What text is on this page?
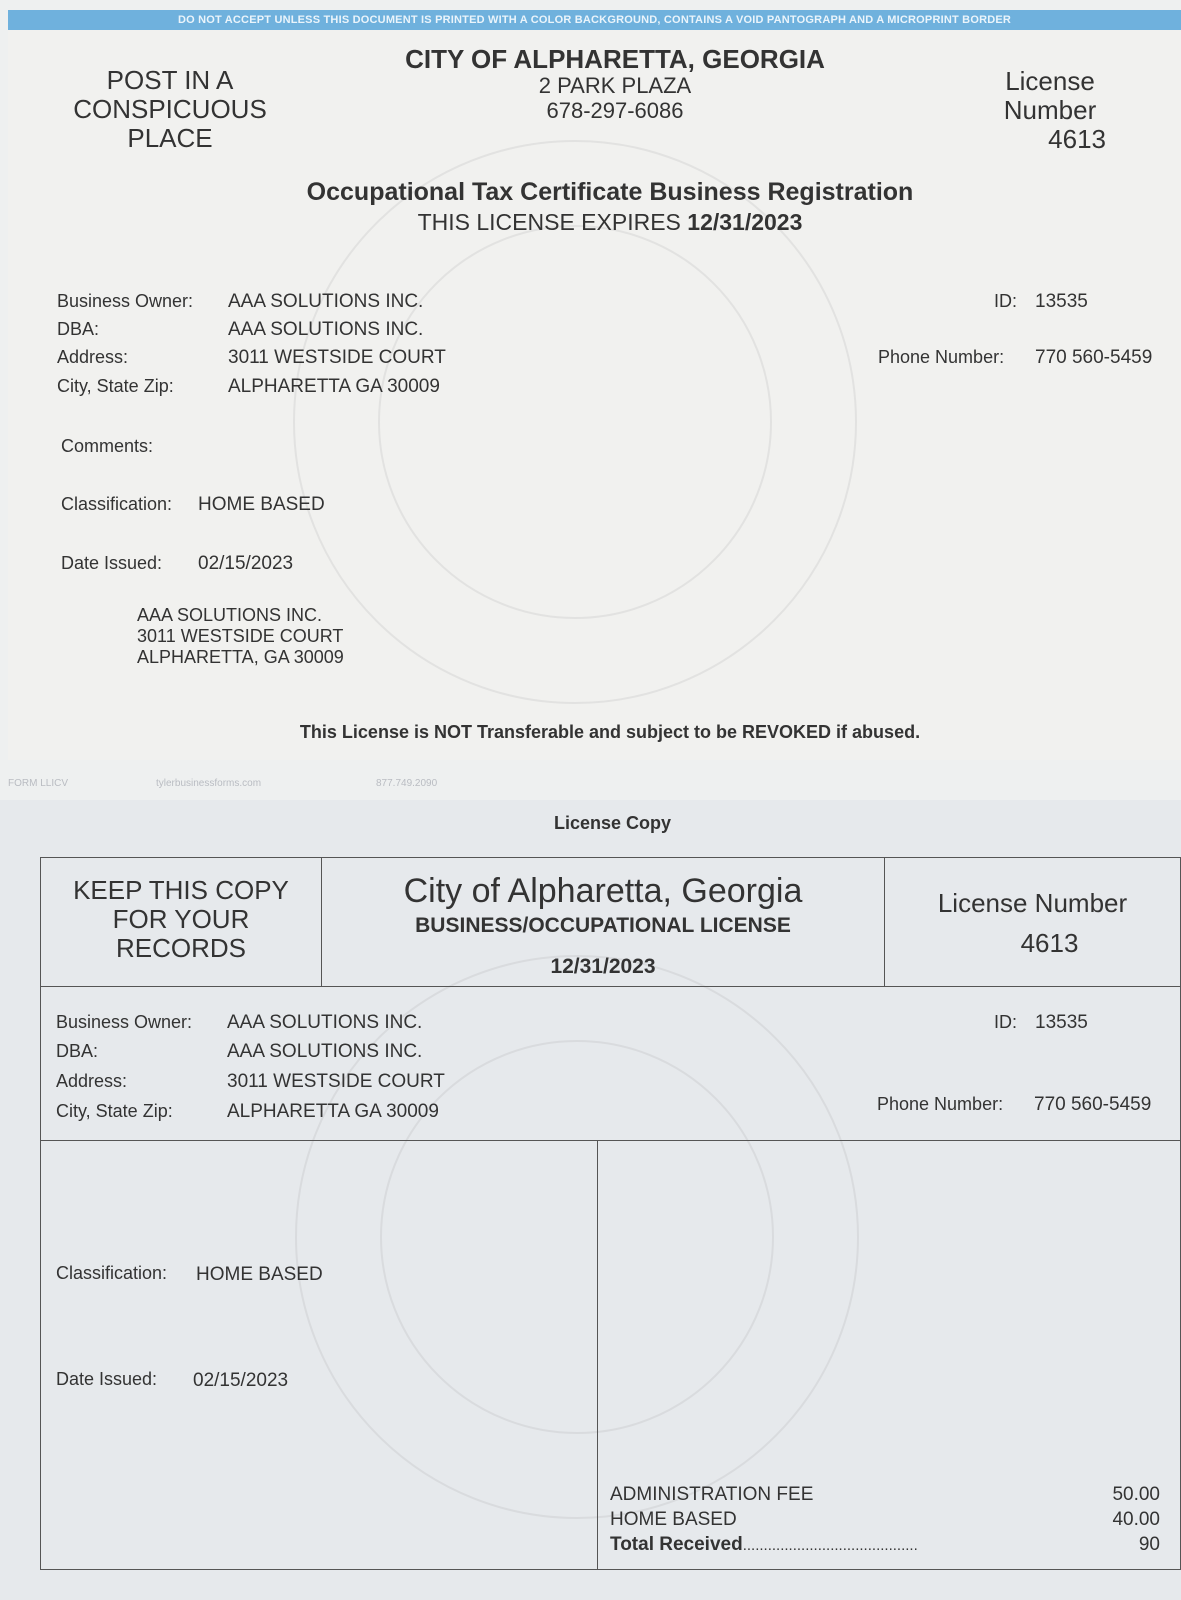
DO NOT ACCEPT UNLESS THIS DOCUMENT IS PRINTED WITH A COLOR BACKGROUND, CONTAINS A VOID PANTOGRAPH AND A MICROPRINT BORDER
POST IN A
CONSPICUOUS
PLACE
CITY OF ALPHARETTA, GEORGIA
2 PARK PLAZA
678-297-6086
License
Number
4613
Occupational Tax Certificate Business Registration
THIS LICENSE EXPIRES 12/31/2023
Business Owner: AAA SOLUTIONS INC.
DBA:	AAA SOLUTIONS INC.
Address:	3011 WESTSIDE COURT
City, State Zip:	ALPHARETTA GA 30009
ID: 13535
Phone Number: 770 560-5459
Comments:
Classification: HOME BASED
Date Issued: 02/15/2023
AAA SOLUTIONS INC.
3011 WESTSIDE COURT
ALPHARETTA, GA 30009
This License is NOT Transferable and subject to be REVOKED if abused.
FORM LLICV	tylerbusinessforms.com	877.749.2090
License Copy
KEEP THIS COPY
FOR YOUR
RECORDS
City of Alpharetta, Georgia
BUSINESS/OCCUPATIONAL LICENSE
12/31/2023
License Number
4613
Business Owner: AAA SOLUTIONS INC.
DBA:	AAA SOLUTIONS INC.
Address:	3011 WESTSIDE COURT
City, State Zip:	ALPHARETTA GA 30009
ID: 13535
Phone Number: 770 560-5459
Classification: HOME BASED
Date Issued: 02/15/2023
ADMINISTRATION FEE	50.00
HOME BASED	40.00
Total Received..........................................	90
